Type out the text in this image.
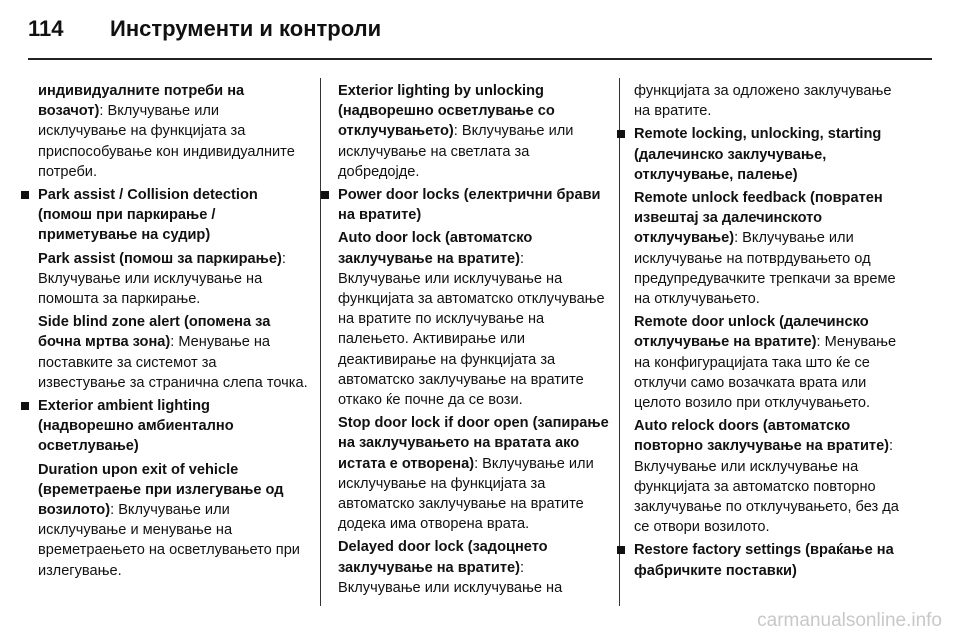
114 Инструменти и контроли

индивидуалните потреби на возачот): Вклучување или исклучување на функцијата за приспособување кон индивидуалните потреби.

Park assist / Collision detection (помош при паркирање / приметување на судир)

Park assist (помош за паркирање): Вклучување или исклучување на помошта за паркирање.

Side blind zone alert (опомена за бочна мртва зона): Менување на поставките за системот за известување за странична слепа точка.

Exterior ambient lighting (надворешно амбиентално осветлување)

Duration upon exit of vehicle (времетраење при излегување од возилото): Вклучување или исклучување и менување на времетраењето на осветлувањето при излегување.

Exterior lighting by unlocking (надворешно осветлување со отклучувањето): Вклучување или исклучување на светлата за добредојде.

Power door locks (електрични брави на вратите)

Auto door lock (автоматско заклучување на вратите): Вклучување или исклучување на функцијата за автоматско отклучување на вратите по исклучување на палењето. Активирање или деактивирање на функцијата за автоматско заклучување на вратите откако ќе почне да се вози.

Stop door lock if door open (запирање на заклучувањето на вратата ако истата е отворена): Вклучување или исклучување на функцијата за автоматско заклучување на вратите додека има отворена врата.

Delayed door lock (задоцнето заклучување на вратите): Вклучување или исклучување на

функцијата за одложено заклучување на вратите.

Remote locking, unlocking, starting (далечинско заклучување, отклучување, палење)

Remote unlock feedback (повратен извештај за далечинското отклучување): Вклучување или исклучување на потврдувањето од предупредувачките трепкачи за време на отклучувањето.

Remote door unlock (далечинско отклучување на вратите): Менување на конфигурацијата така што ќе се отклучи само возачката врата или целото возило при отклучувањето.

Auto relock doors (автоматско повторно заклучување на вратите): Вклучување или исклучување на функцијата за автоматско повторно заклучување по отклучувањето, без да се отвори возилото.

Restore factory settings (враќање на фабричките поставки)

carmanualsonline.info
